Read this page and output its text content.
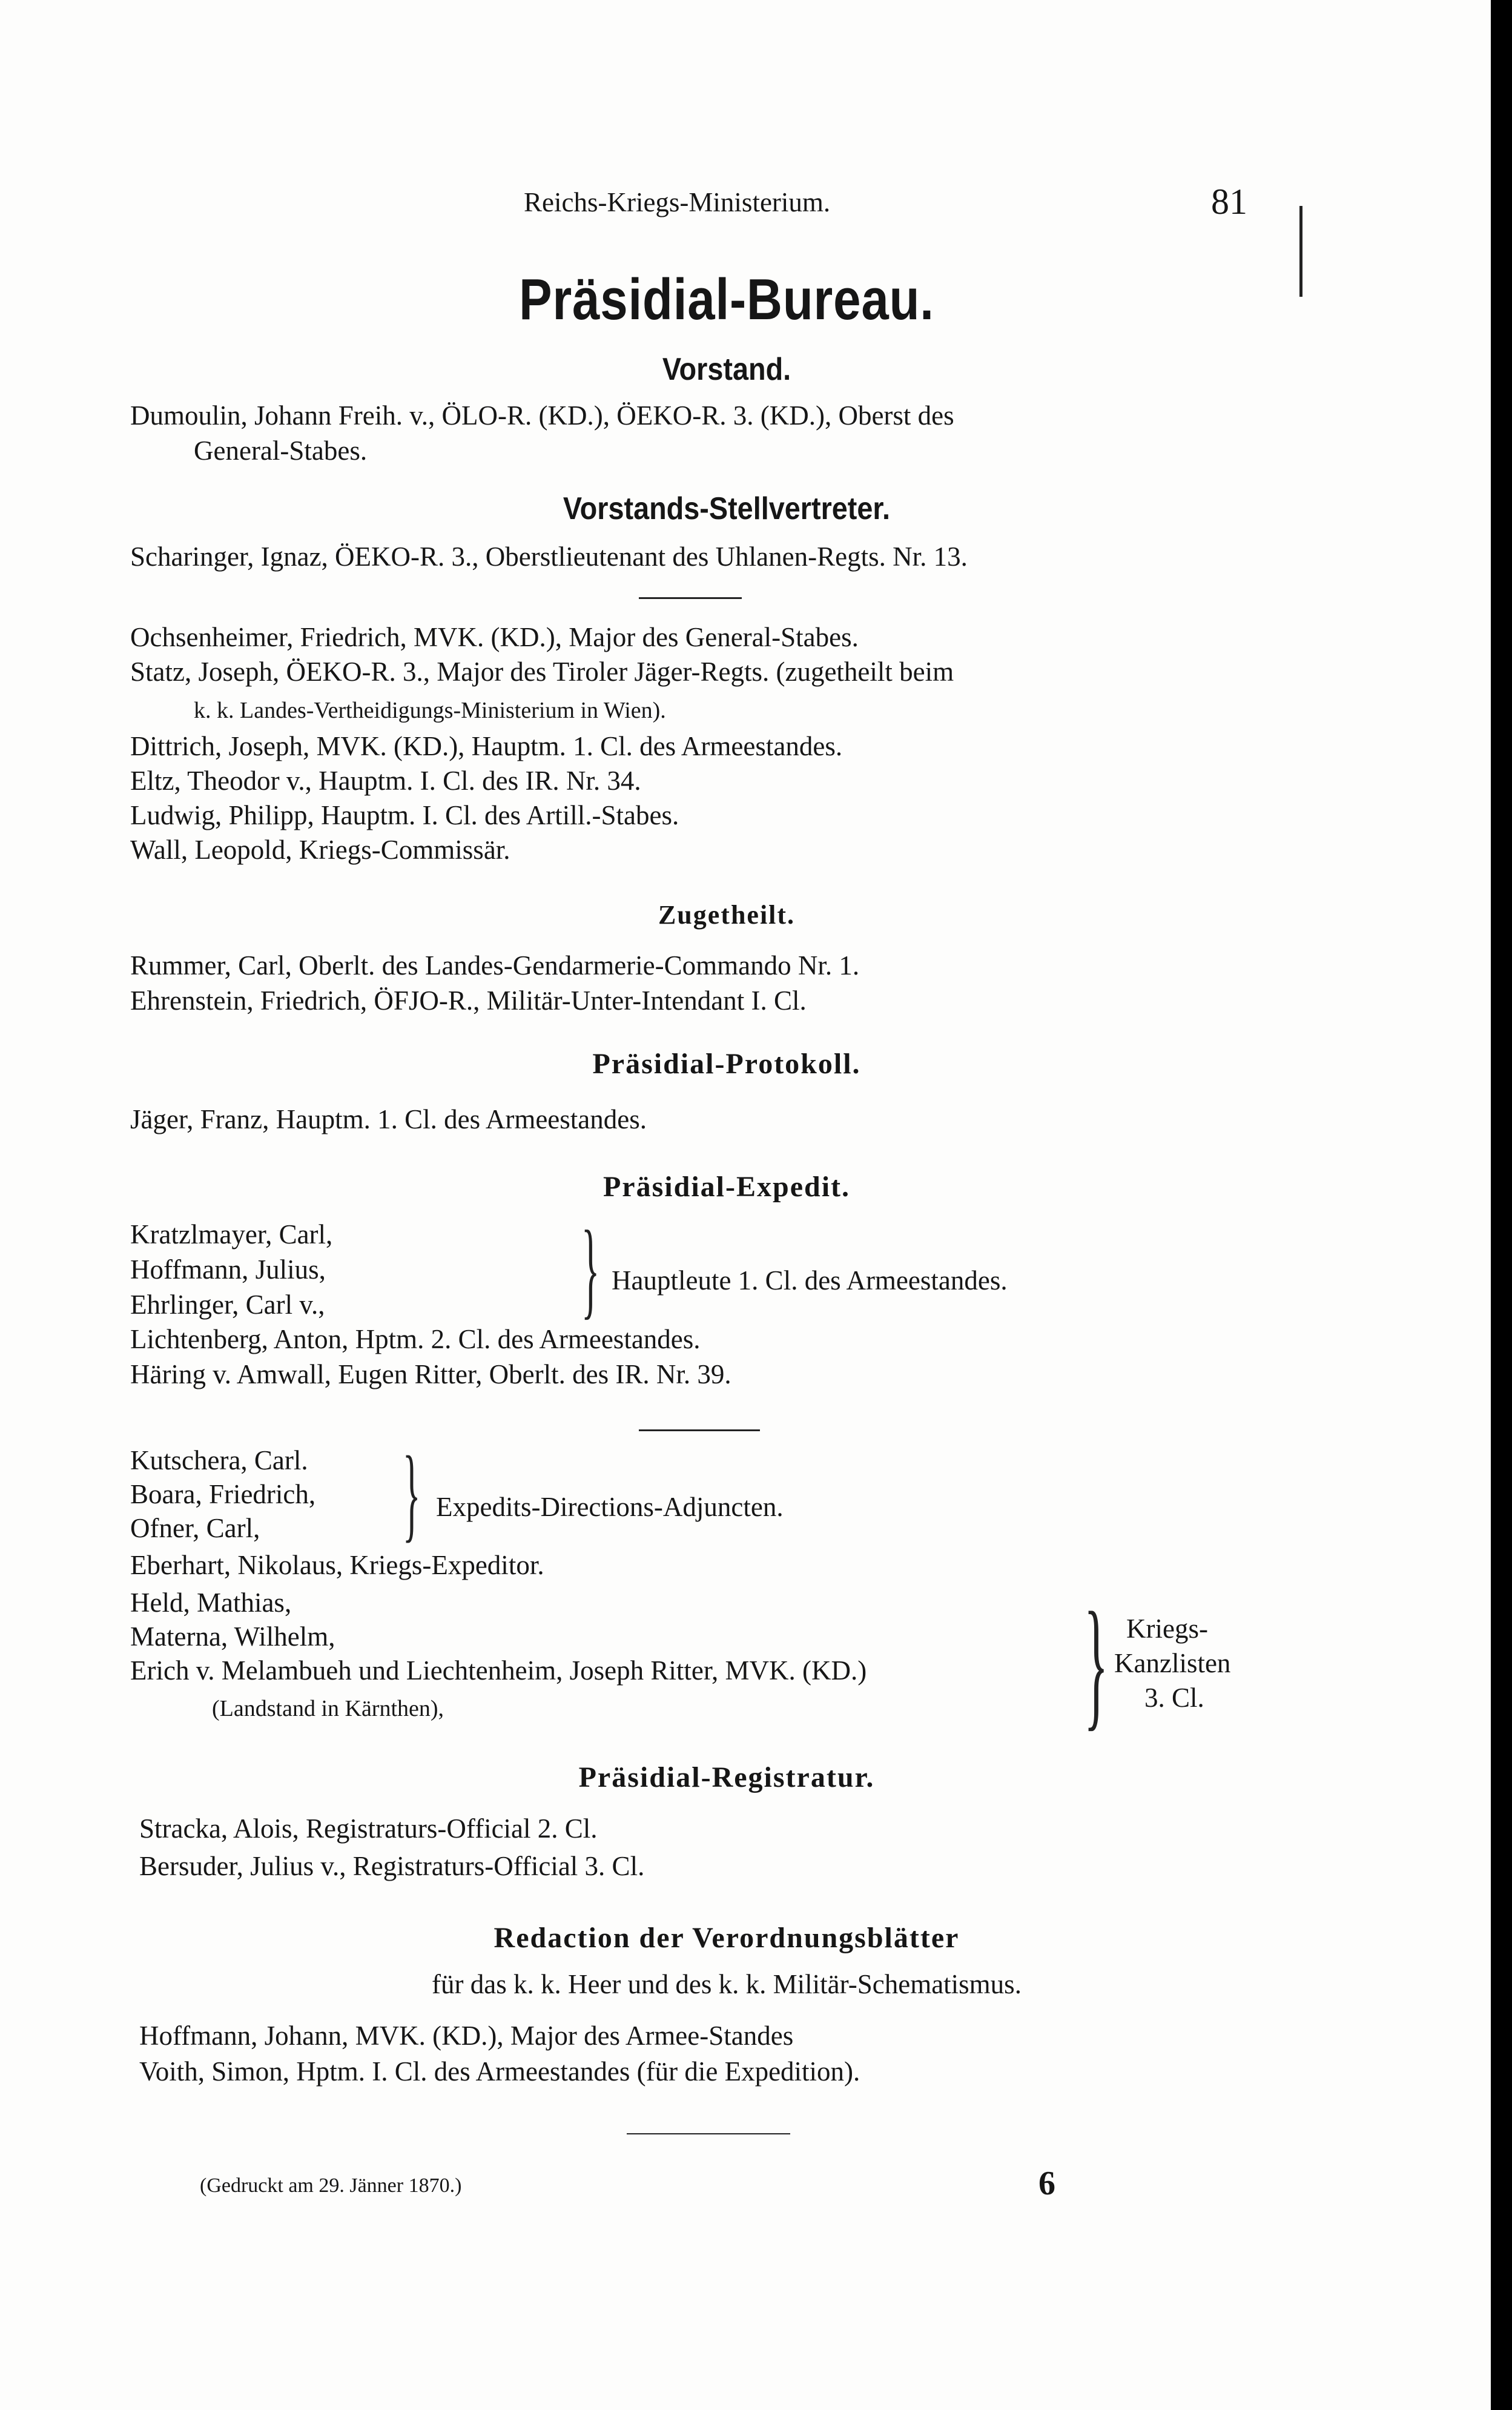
Reichs-Kriegs-Ministerium.	81
Präsidial-Bureau.
Vorstand.
Dumoulin, Johann Freih. v., ÖLO-R. (KD.), ÖEKO-R. 3. (KD.), Oberst des
General-Stabes.
Vorstands-Stellvertreter.
Scharinger, Ignaz, ÖEKO-R. 3., Oberstlieutenant des Uhlanen-Regts. Nr. 13.
Ochsenheimer, Friedrich, MVK. (KD.), Major des General-Stabes.
Statz, Joseph, ÖEKO-R. 3., Major des Tiroler Jäger-Regts. (zugetheilt beim
k. k. Landes-Vertheidigungs-Ministerium in Wien).
Dittrich, Joseph, MVK. (KD.), Hauptm. 1. Cl. des Armeestandes.
Eltz, Theodor v., Hauptm. I. Cl. des IR. Nr. 34.
Ludwig, Philipp, Hauptm. I. Cl. des Artill.-Stabes.
Wall, Leopold, Kriegs-Commissär.
Zugetheilt.
Rummer, Carl, Oberlt. des Landes-Gendarmerie-Commando Nr. 1.
Ehrenstein, Friedrich, ÖFJO-R., Militär-Unter-Intendant I. Cl.
Präsidial-Protokoll.
Jäger, Franz, Hauptm. 1. Cl. des Armeestandes.
Präsidial-Expedit.
Kratzlmayer, Carl,
Hoffmann, Julius,
Ehrlinger, Carl v., } Hauptleute 1. Cl. des Armeestandes.
Lichtenberg, Anton, Hptm. 2. Cl. des Armeestandes.
Häring v. Amwall, Eugen Ritter, Oberlt. des IR. Nr. 39.
Kutschera, Carl.
Boara, Friedrich,
Ofner, Carl, } Expedits-Directions-Adjuncten.
Eberhart, Nikolaus, Kriegs-Expeditor.
Held, Mathias,
Materna, Wilhelm,
Erich v. Melambueh und Liechtenheim, Joseph Ritter, MVK. (KD.)
(Landstand in Kärnthen),	} Kriegs-
Kanzlisten
3. Cl.
Präsidial-Registratur.
Stracka, Alois, Registraturs-Official 2. Cl.
Bersuder, Julius v., Registraturs-Official 3. Cl.
Redaction der Verordnungsblätter
für das k. k. Heer und des k. k. Militär-Schematismus.
Hoffmann, Johann, MVK. (KD.), Major des Armee-Standes
Voith, Simon, Hptm. I. Cl. des Armeestandes (für die Expedition).
(Gedruckt am 29. Jänner 1870.)	6
